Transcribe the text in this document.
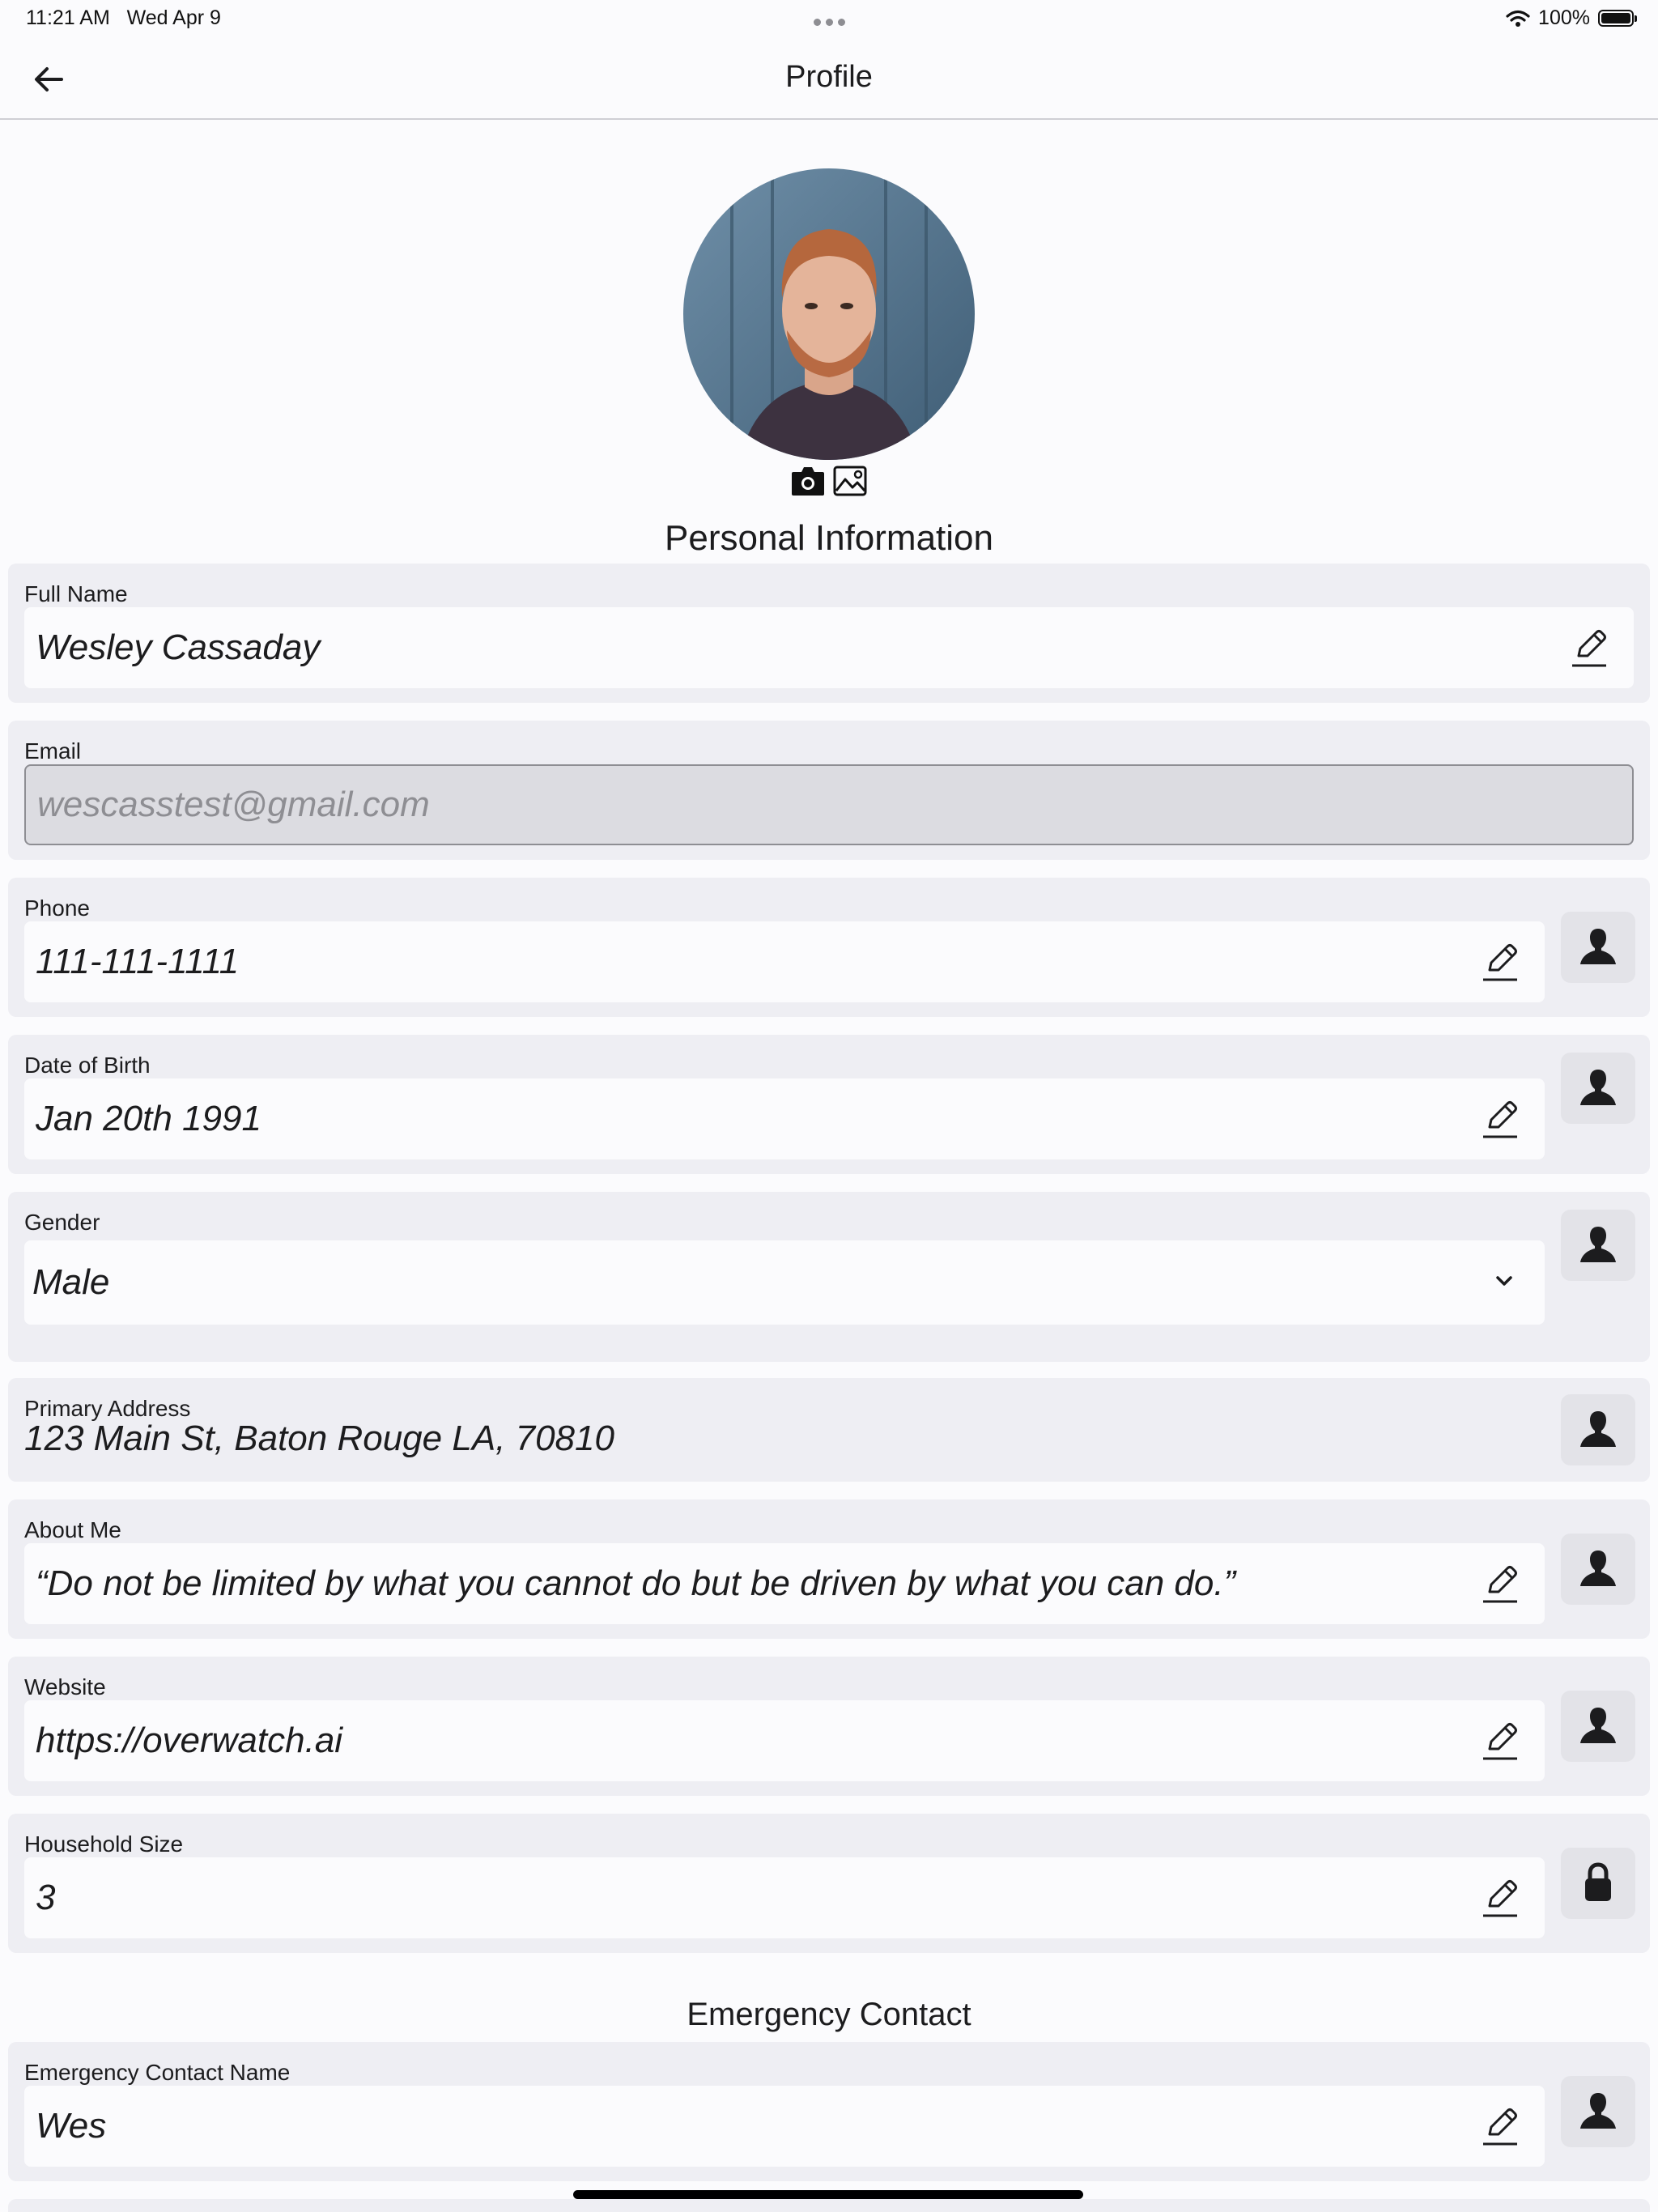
11:21 AM Wed Apr 9	100%
Profile
Personal Information
Full Name
Wesley Cassaday
Email
wescasstest@gmail.com
Phone
111-111-1111
Date of Birth
Jan 20th 1991
Gender
Male
Primary Address
123 Main St, Baton Rouge LA, 70810
About Me
“Do not be limited by what you cannot do but be driven by what you can do.”
Website
https://overwatch.ai
Household Size
3
Emergency Contact
Emergency Contact Name
Wes
